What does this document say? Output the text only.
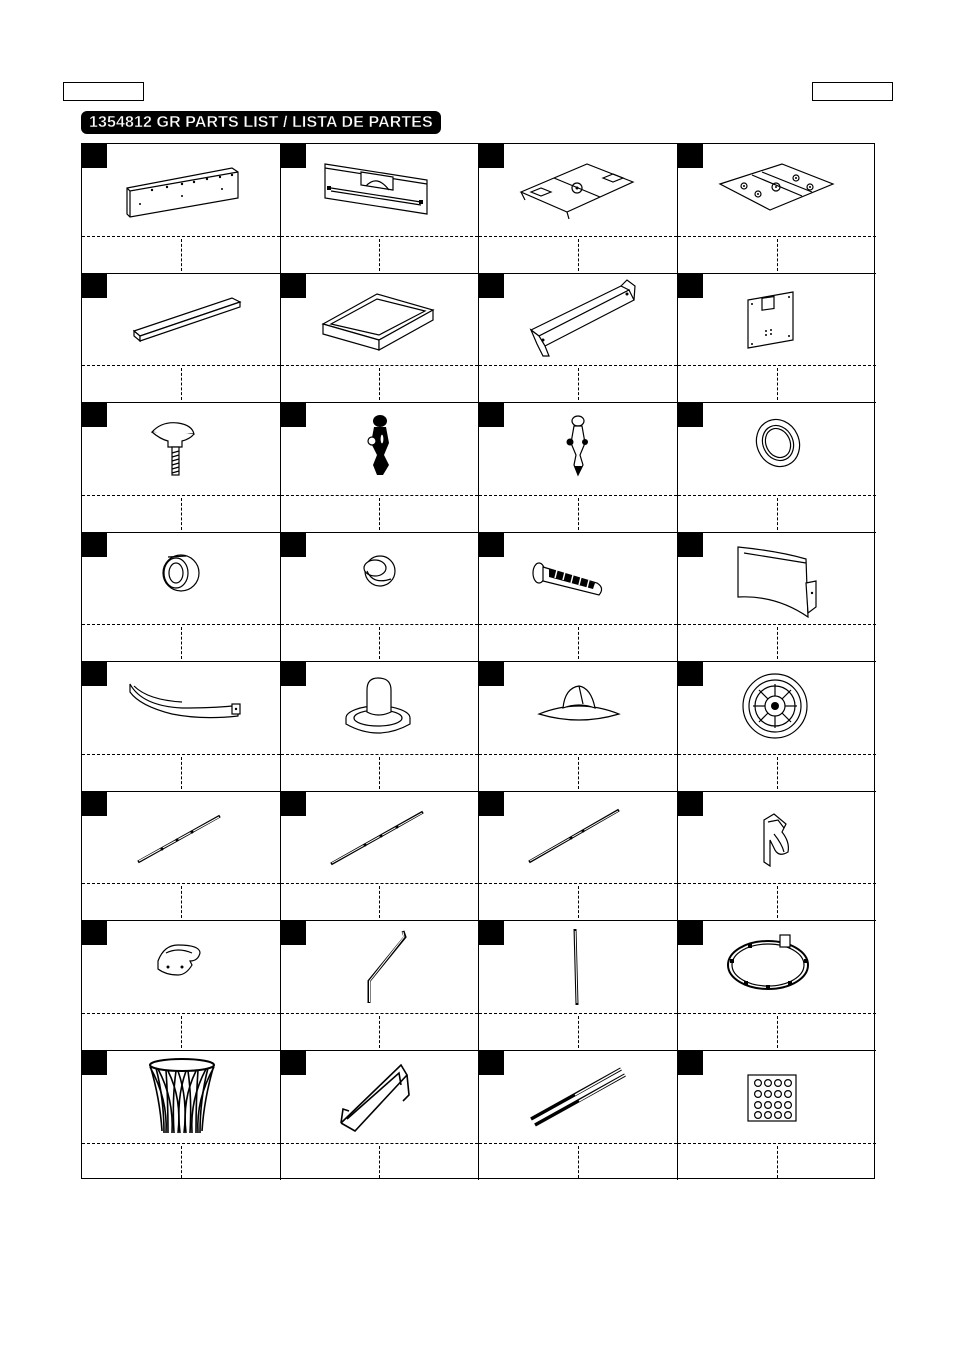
1354812 GR PARTS LIST / LISTA DE PARTES
